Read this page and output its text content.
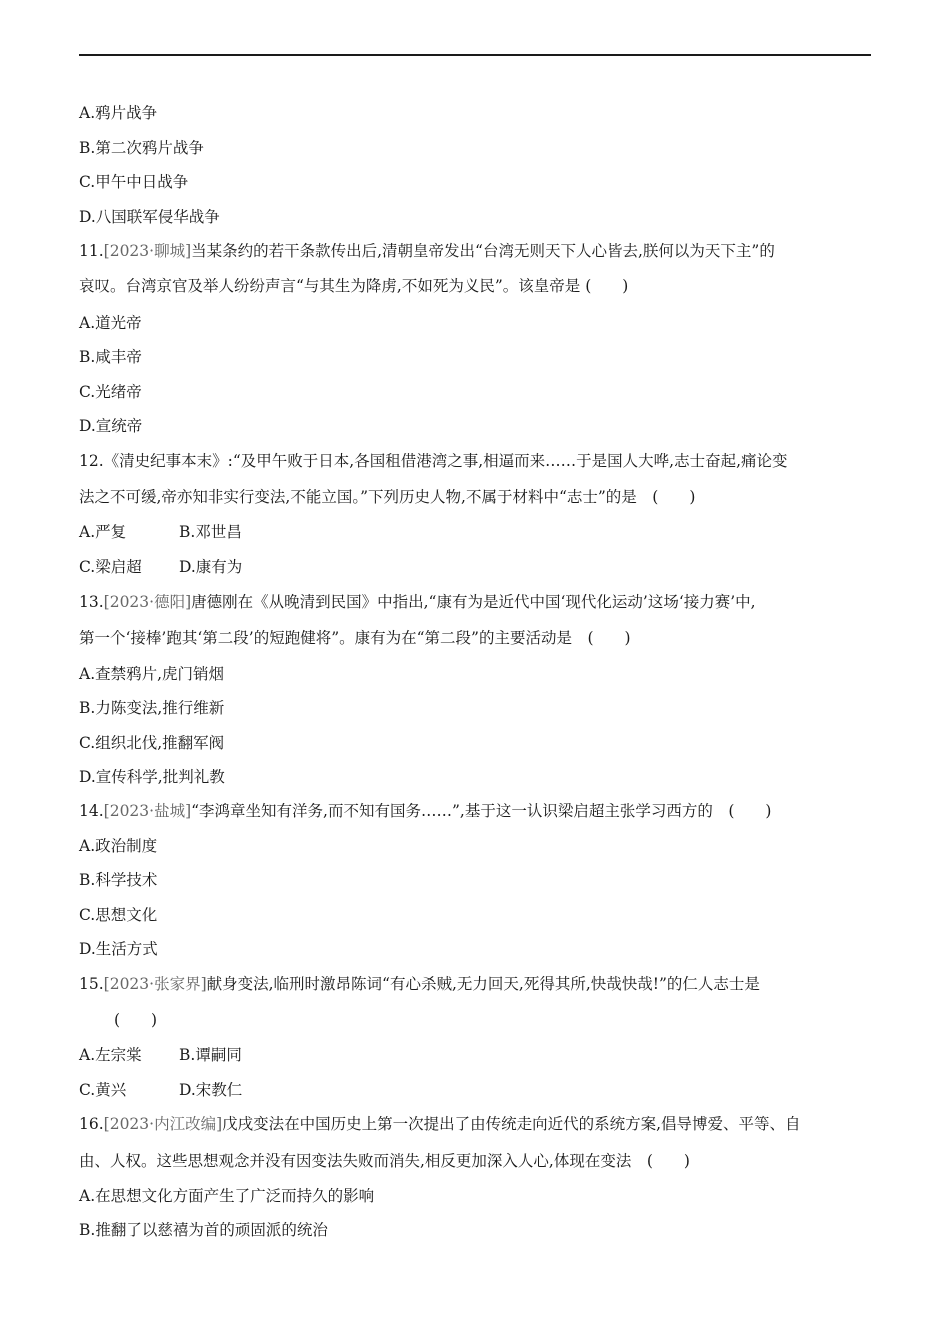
A.鸦片战争
B.第二次鸦片战争
C.甲午中日战争
D.八国联军侵华战争
11.[2023·聊城]当某条约的若干条款传出后,清朝皇帝发出“台湾无则天下人心皆去,朕何以为天下主”的
哀叹。台湾京官及举人纷纷声言“与其生为降虏,不如死为义民”。该皇帝是 (　　)
A.道光帝
B.咸丰帝
C.光绪帝
D.宣统帝
12.《清史纪事本末》:“及甲午败于日本,各国租借港湾之事,相逼而来……于是国人大哗,志士奋起,痛论变
法之不可缓,帝亦知非实行变法,不能立国。”下列历史人物,不属于材料中“志士”的是　(　　)
A.严复	B.邓世昌
C.梁启超 D.康有为
13.[2023·德阳]唐德刚在《从晚清到民国》中指出,“康有为是近代中国‘现代化运动’这场‘接力赛’中,
第一个‘接棒’跑其‘第二段’的短跑健将”。康有为在“第二段”的主要活动是　(　　)
A.查禁鸦片,虎门销烟
B.力陈变法,推行维新
C.组织北伐,推翻军阀
D.宣传科学,批判礼教
14.[2023·盐城]“李鸿章坐知有洋务,而不知有国务……”,基于这一认识梁启超主张学习西方的　(　　)
A.政治制度
B.科学技术
C.思想文化
D.生活方式
15.[2023·张家界]献身变法,临刑时激昂陈词“有心杀贼,无力回天,死得其所,快哉快哉!”的仁人志士是
(　　)
A.左宗棠 B.谭嗣同
C.黄兴	D.宋教仁
16.[2023·内江改编]戊戌变法在中国历史上第一次提出了由传统走向近代的系统方案,倡导博爱、平等、自
由、人权。这些思想观念并没有因变法失败而消失,相反更加深入人心,体现在变法　(　　)
A.在思想文化方面产生了广泛而持久的影响
B.推翻了以慈禧为首的顽固派的统治
